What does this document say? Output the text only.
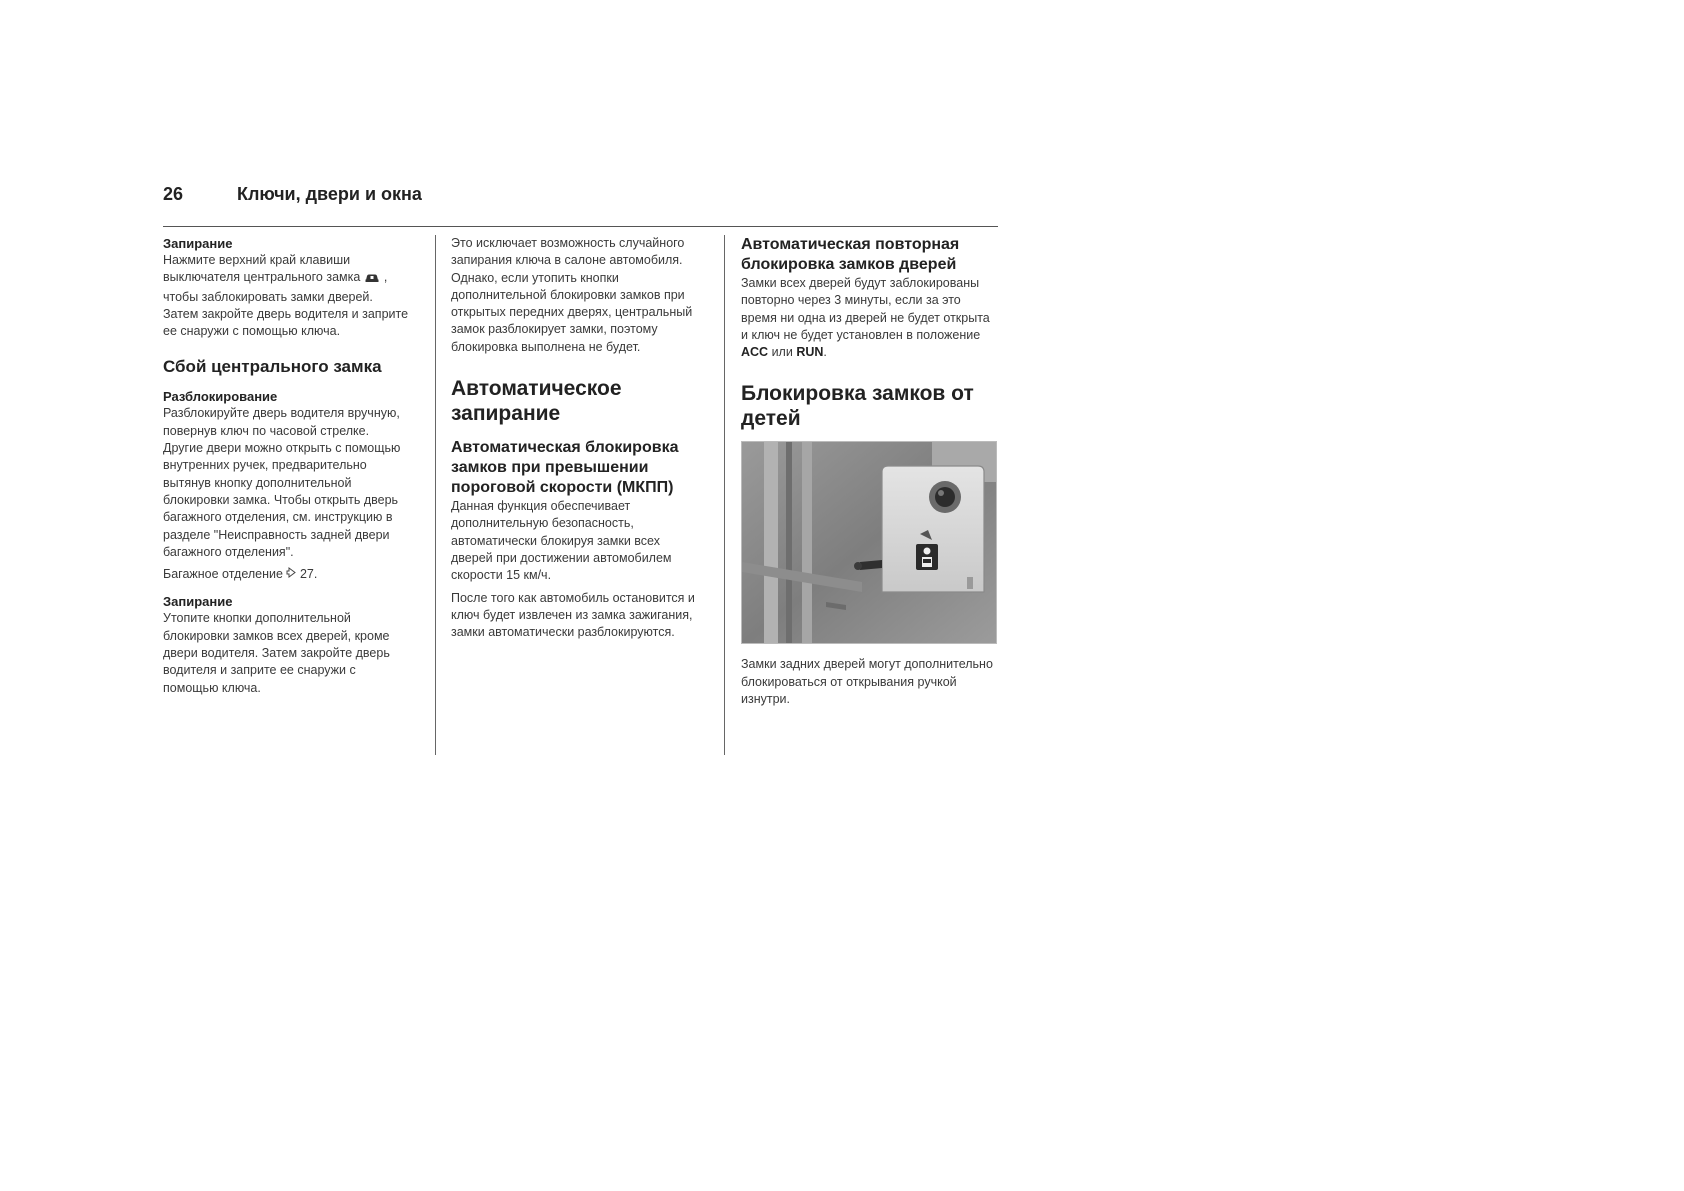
26	Ключи, двери и окна

Запирание

Нажмите верхний край клавиши выключателя центрального замка , чтобы заблокировать замки дверей. Затем закройте дверь водителя и заприте ее снаружи с помощью ключа.

Сбой центрального замка

Разблокирование

Разблокируйте дверь водителя вручную, повернув ключ по часовой стрелке. Другие двери можно открыть с помощью внутренних ручек, предварительно вытянув кнопку дополнительной блокировки замка. Чтобы открыть дверь багажного отделения, см. инструкцию в разделе "Неисправность задней двери багажного отделения".

Багажное отделение 27.

Запирание

Утопите кнопки дополнительной блокировки замков всех дверей, кроме двери водителя. Затем закройте дверь водителя и заприте ее снаружи с помощью ключа.

Это исключает возможность случайного запирания ключа в салоне автомобиля. Однако, если утопить кнопки дополнительной блокировки замков при открытых передних дверях, центральный замок разблокирует замки, поэтому блокировка выполнена не будет.

Автоматическое запирание

Автоматическая блокировка замков при превышении пороговой скорости (МКПП)

Данная функция обеспечивает дополнительную безопасность, автоматически блокируя замки всех дверей при достижении автомобилем скорости 15 км/ч.

После того как автомобиль остановится и ключ будет извлечен из замка зажигания, замки автоматически разблокируются.

Автоматическая повторная блокировка замков дверей

Замки всех дверей будут заблокированы повторно через 3 минуты, если за это время ни одна из дверей не будет открыта и ключ не будет установлен в положение ACC или RUN.

Блокировка замков от детей

Замки задних дверей могут дополнительно блокироваться от открывания ручкой изнутри.
